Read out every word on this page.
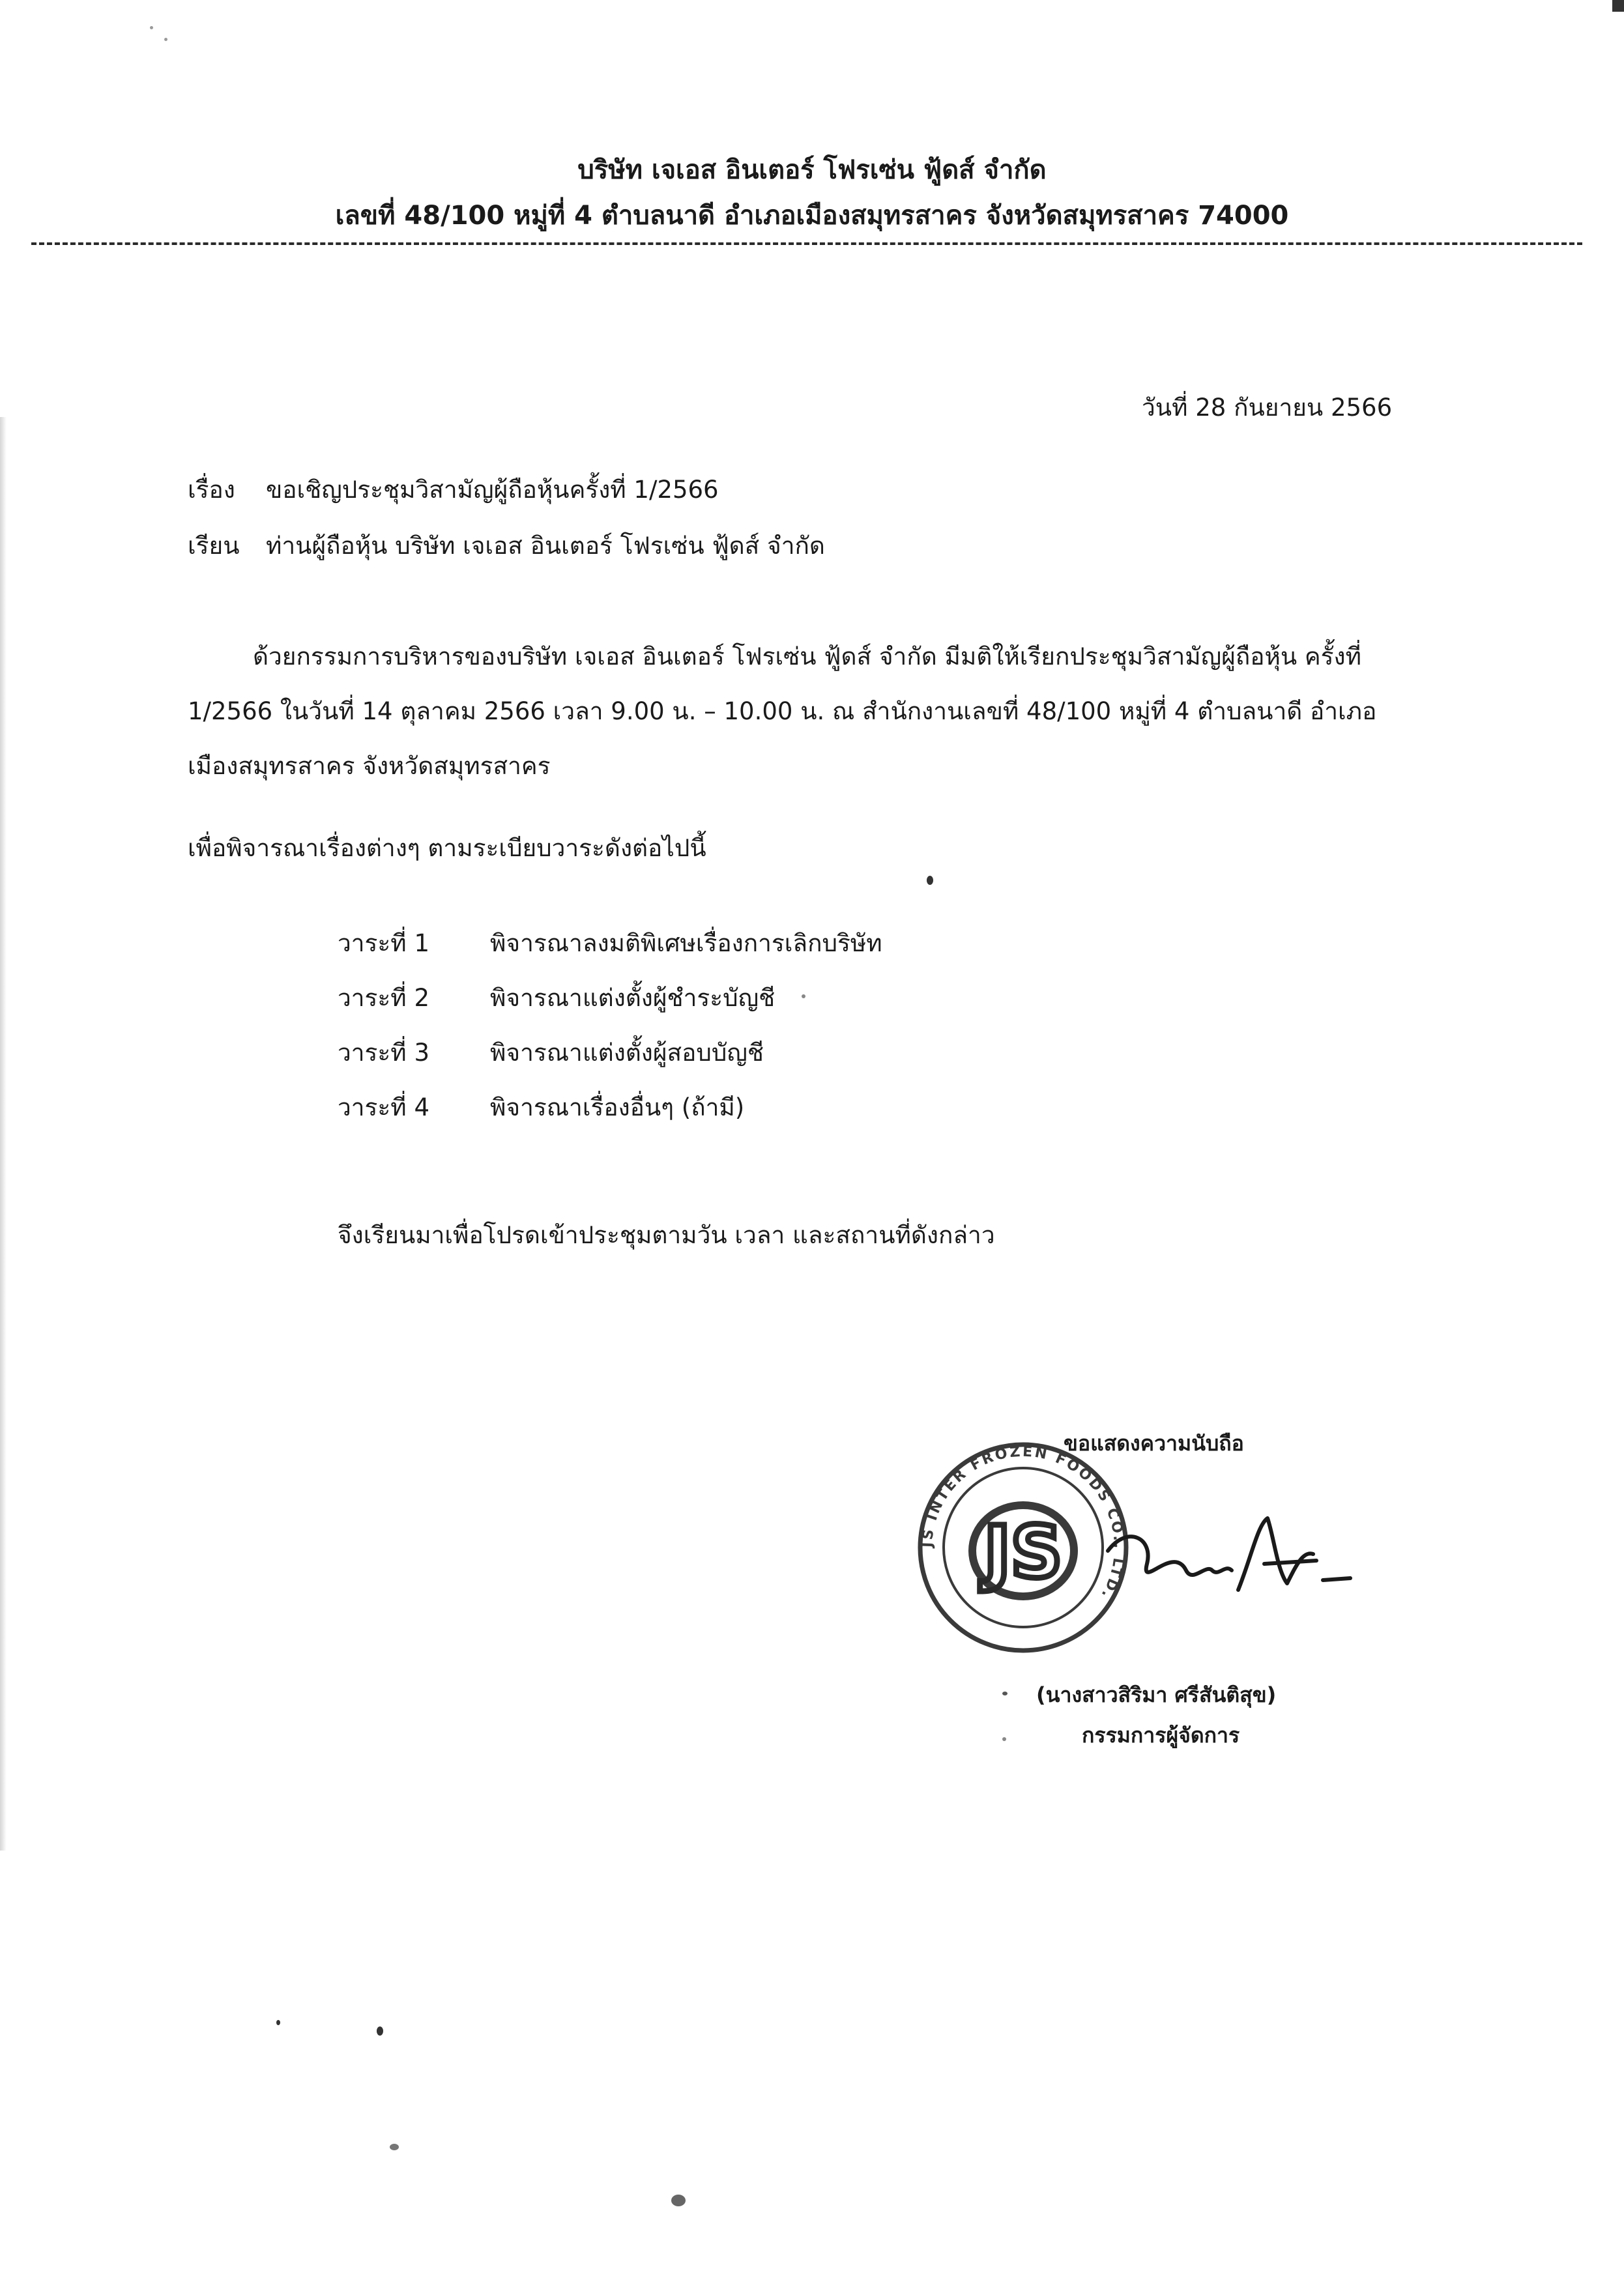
บริษัท เจเอส อินเตอร์ โฟรเซ่น ฟู้ดส์ จำกัด
เลขที่ 48/100 หมู่ที่ 4 ตำบลนาดี อำเภอเมืองสมุทรสาคร จังหวัดสมุทรสาคร 74000
วันที่ 28 กันยายน 2566
เรื่อง ขอเชิญประชุมวิสามัญผู้ถือหุ้นครั้งที่ 1/2566
เรียน ท่านผู้ถือหุ้น บริษัท เจเอส อินเตอร์ โฟรเซ่น ฟู้ดส์ จำกัด
ด้วยกรรมการบริหารของบริษัท เจเอส อินเตอร์ โฟรเซ่น ฟู้ดส์ จำกัด มีมติให้เรียกประชุมวิสามัญผู้ถือหุ้น ครั้งที่
1/2566 ในวันที่ 14 ตุลาคม 2566 เวลา 9.00 น. – 10.00 น. ณ สำนักงานเลขที่ 48/100 หมู่ที่ 4 ตำบลนาดี อำเภอ
เมืองสมุทรสาคร จังหวัดสมุทรสาคร
เพื่อพิจารณาเรื่องต่างๆ ตามระเบียบวาระดังต่อไปนี้
วาระที่ 1	พิจารณาลงมติพิเศษเรื่องการเลิกบริษัท
วาระที่ 2	พิจารณาแต่งตั้งผู้ชำระบัญชี
วาระที่ 3	พิจารณาแต่งตั้งผู้สอบบัญชี
วาระที่ 4	พิจารณาเรื่องอื่นๆ (ถ้ามี)
จึงเรียนมาเพื่อโปรดเข้าประชุมตามวัน เวลา และสถานที่ดังกล่าว
ขอแสดงความนับถือ
JS INTER FROZEN FOODS CO., LTD.
JS
(นางสาวสิริมา ศรีสันติสุข)
กรรมการผู้จัดการ
